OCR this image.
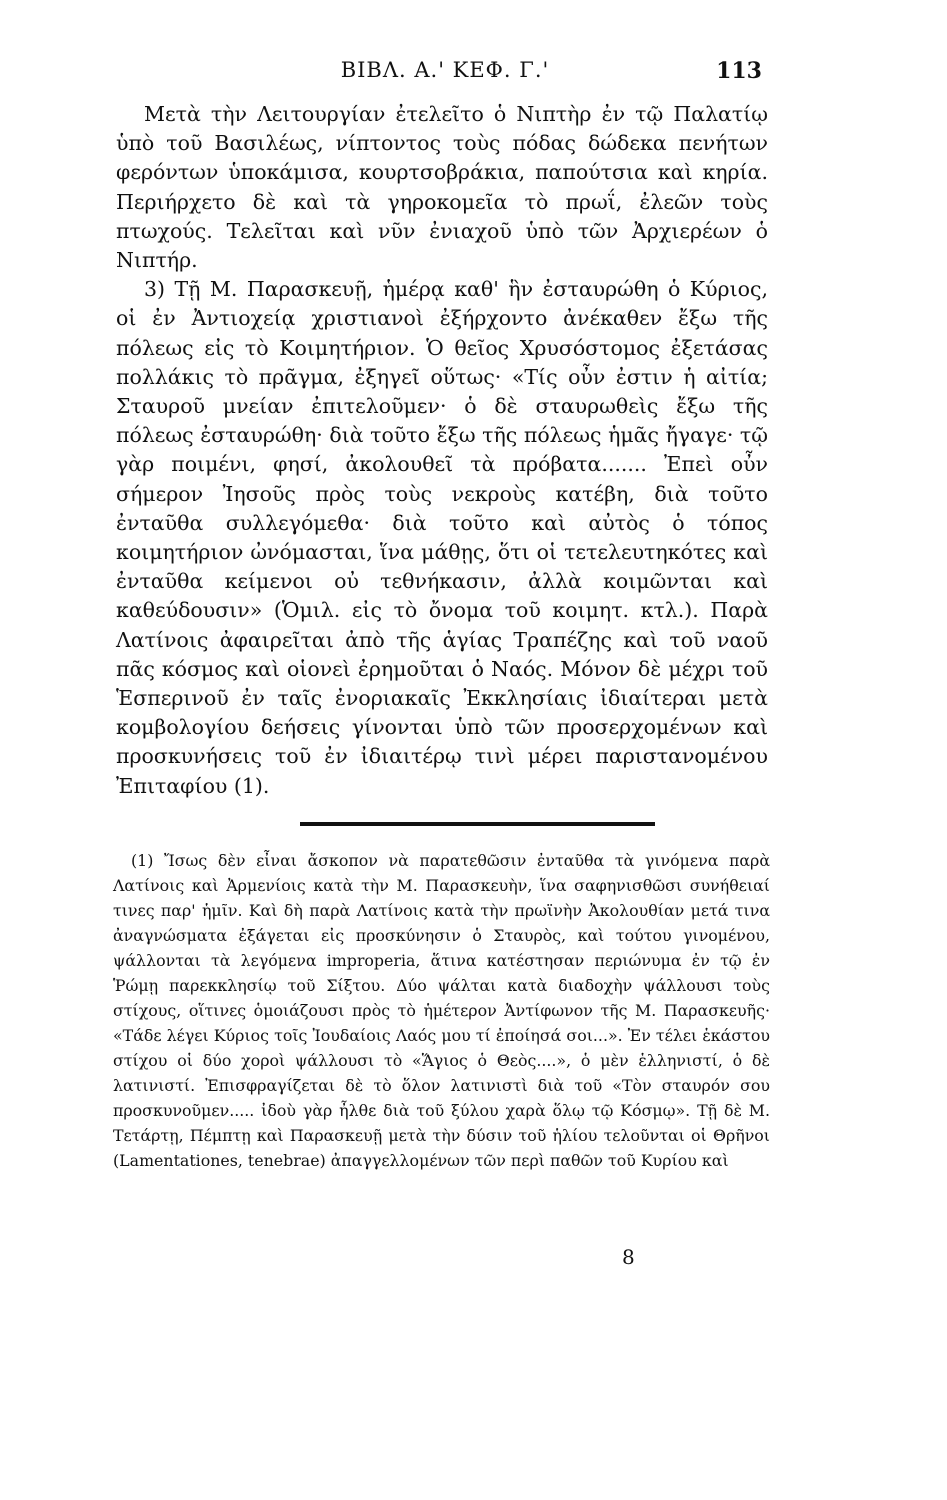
ΒΙΒΛ. Α.' ΚΕΦ. Γ.'	113

Μετὰ τὴν Λειτουργίαν ἐτελεῖτο ὁ Νιπτὴρ ἐν τῷ Παλατίῳ ὑπὸ τοῦ Βασιλέως, νίπτοντος τοὺς πόδας δώδεκα πενήτων φερόντων ὑποκάμισα, κουρτσοβράκια, παπούτσια καὶ κηρία. Περιήρχετο δὲ καὶ τὰ γηροκομεῖα τὸ πρωΐ, ἐλεῶν τοὺς πτωχούς. Τελεῖται καὶ νῦν ἐνιαχοῦ ὑπὸ τῶν Ἀρχιερέων ὁ Νιπτήρ.

3) Τῇ Μ. Παρασκευῇ, ἡμέρᾳ καθ' ἣν ἐσταυρώθη ὁ Κύριος, οἱ ἐν Ἀντιοχείᾳ χριστιανοὶ ἐξήρχοντο ἀνέκαθεν ἔξω τῆς πόλεως εἰς τὸ Κοιμητήριον. Ὁ θεῖος Χρυσόστομος ἐξετάσας πολλάκις τὸ πρᾶγμα, ἐξηγεῖ οὕτως· «Τίς οὖν ἐστιν ἡ αἰτία; Σταυροῦ μνείαν ἐπιτελοῦμεν· ὁ δὲ σταυρωθεὶς ἔξω τῆς πόλεως ἐσταυρώθη· διὰ τοῦτο ἔξω τῆς πόλεως ἡμᾶς ἤγαγε· τῷ γὰρ ποιμένι, φησί, ἀκολουθεῖ τὰ πρόβατα....... Ἐπεὶ οὖν σήμερον Ἰησοῦς πρὸς τοὺς νεκροὺς κατέβη, διὰ τοῦτο ἐνταῦθα συλλεγόμεθα· διὰ τοῦτο καὶ αὐτὸς ὁ τόπος κοιμητήριον ὠνόμασται, ἵνα μάθῃς, ὅτι οἱ τετελευτηκότες καὶ ἐνταῦθα κείμενοι οὐ τεθνήκασιν, ἀλλὰ κοιμῶνται καὶ καθεύδουσιν» (Ὁμιλ. εἰς τὸ ὄνομα τοῦ κοιμητ. κτλ.). Παρὰ Λατίνοις ἀφαιρεῖται ἀπὸ τῆς ἁγίας Τραπέζης καὶ τοῦ ναοῦ πᾶς κόσμος καὶ οἱονεὶ ἐρημοῦται ὁ Ναός. Μόνον δὲ μέχρι τοῦ Ἑσπερινοῦ ἐν ταῖς ἐνοριακαῖς Ἐκκλησίαις ἰδιαίτεραι μετὰ κομβολογίου δεήσεις γίνονται ὑπὸ τῶν προσερχομένων καὶ προσκυνήσεις τοῦ ἐν ἰδιαιτέρῳ τινὶ μέρει παριστανομένου Ἐπιταφίου (1).

(1) Ἴσως δὲν εἶναι ἄσκοπον νὰ παρατεθῶσιν ἐνταῦθα τὰ γινόμενα παρὰ Λατίνοις καὶ Ἀρμενίοις κατὰ τὴν Μ. Παρασκευὴν, ἵνα σαφηνισθῶσι συνήθειαί τινες παρ' ἡμῖν. Καὶ δὴ παρὰ Λατίνοις κατὰ τὴν πρωϊνὴν Ἀκολουθίαν μετά τινα ἀναγνώσματα ἐξάγεται εἰς προσκύνησιν ὁ Σταυρὸς, καὶ τούτου γινομένου, ψάλλονται τὰ λεγόμενα improperia, ἅτινα κατέστησαν περιώνυμα ἐν τῷ ἐν Ῥώμῃ παρεκκλησίῳ τοῦ Σίξτου. Δύο ψάλται κατὰ διαδοχὴν ψάλλουσι τοὺς στίχους, οἵτινες ὁμοιάζουσι πρὸς τὸ ἡμέτερον Ἀντίφωνον τῆς Μ. Παρασκευῆς· «Τάδε λέγει Κύριος τοῖς Ἰουδαίοις Λαός μου τί ἐποίησά σοι...». Ἐν τέλει ἑκάστου στίχου οἱ δύο χοροὶ ψάλλουσι τὸ «Ἅγιος ὁ Θεὸς....», ὁ μὲν ἑλληνιστί, ὁ δὲ λατινιστί. Ἐπισφραγίζεται δὲ τὸ ὅλον λατινιστὶ διὰ τοῦ «Τὸν σταυρόν σου προσκυνοῦμεν..... ἰδοὺ γὰρ ἦλθε διὰ τοῦ ξύλου χαρὰ ὅλῳ τῷ Κόσμῳ». Τῇ δὲ Μ. Τετάρτῃ, Πέμπτῃ καὶ Παρασκευῇ μετὰ τὴν δύσιν τοῦ ἡλίου τελοῦνται οἱ Θρῆνοι (Lamentationes, tenebrae) ἀπαγγελλομένων τῶν περὶ παθῶν τοῦ Κυρίου καὶ

8
